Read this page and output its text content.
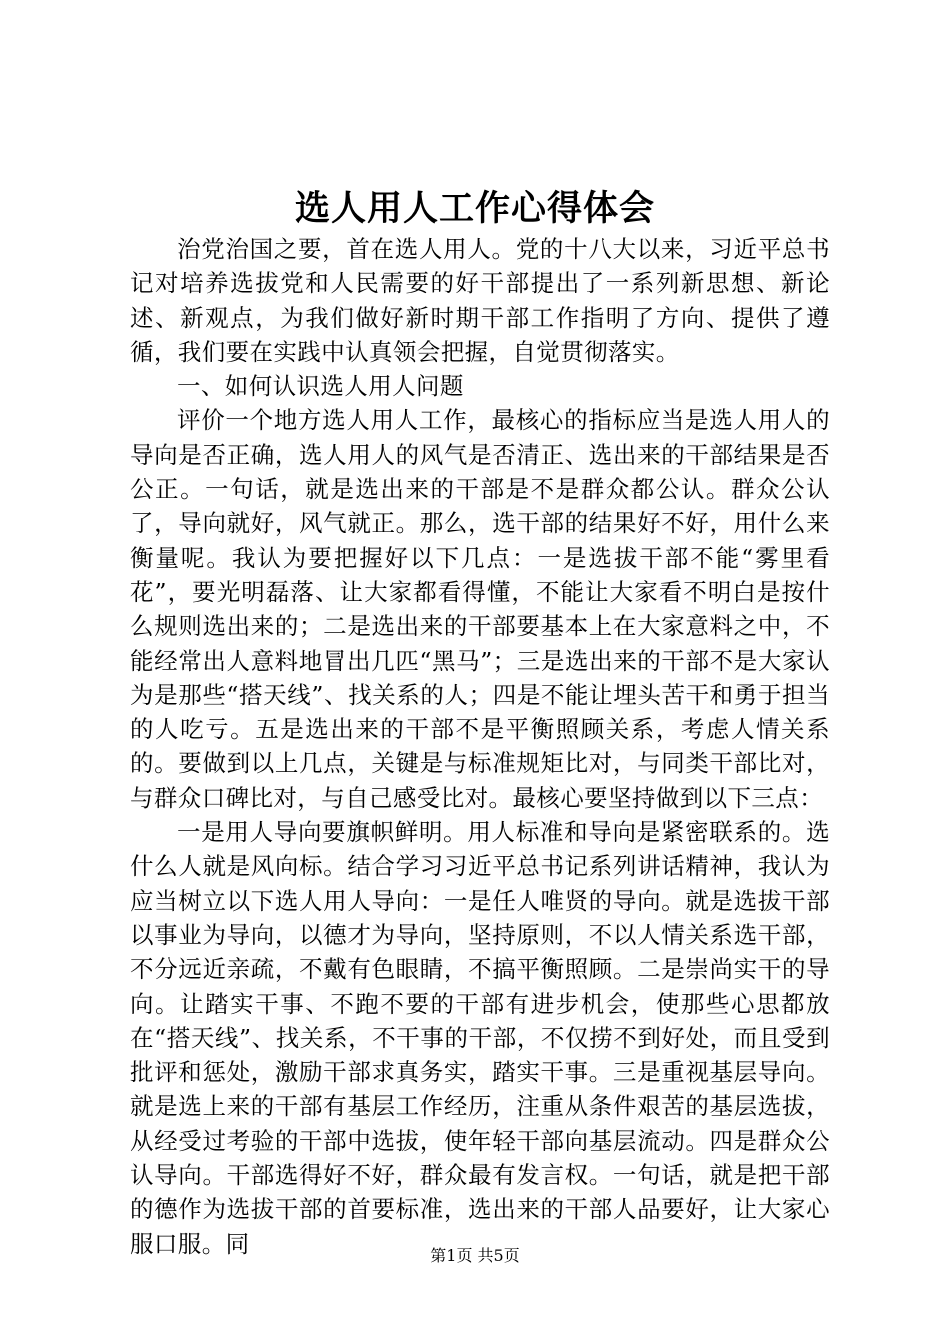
选人用人工作心得体会

治党治国之要，首在选人用人。党的十八大以来，习近平总书记对培养选拔党和人民需要的好干部提出了一系列新思想、新论述、新观点，为我们做好新时期干部工作指明了方向、提供了遵循，我们要在实践中认真领会把握，自觉贯彻落实。

一、如何认识选人用人问题

评价一个地方选人用人工作，最核心的指标应当是选人用人的导向是否正确，选人用人的风气是否清正、选出来的干部结果是否公正。一句话，就是选出来的干部是不是群众都公认。群众公认了，导向就好，风气就正。那么，选干部的结果好不好，用什么来衡量呢。我认为要把握好以下几点：一是选拔干部不能“雾里看花”，要光明磊落、让大家都看得懂，不能让大家看不明白是按什么规则选出来的；二是选出来的干部要基本上在大家意料之中，不能经常出人意料地冒出几匹“黑马”；三是选出来的干部不是大家认为是那些“搭天线”、找关系的人；四是不能让埋头苦干和勇于担当的人吃亏。五是选出来的干部不是平衡照顾关系，考虑人情关系的。要做到以上几点，关键是与标准规矩比对，与同类干部比对，与群众口碑比对，与自己感受比对。最核心要坚持做到以下三点：

一是用人导向要旗帜鲜明。用人标准和导向是紧密联系的。选什么人就是风向标。结合学习习近平总书记系列讲话精神，我认为应当树立以下选人用人导向：一是任人唯贤的导向。就是选拔干部以事业为导向，以德才为导向，坚持原则，不以人情关系选干部，不分远近亲疏，不戴有色眼睛，不搞平衡照顾。二是崇尚实干的导向。让踏实干事、不跑不要的干部有进步机会，使那些心思都放在“搭天线”、找关系，不干事的干部，不仅捞不到好处，而且受到批评和惩处，激励干部求真务实，踏实干事。三是重视基层导向。就是选上来的干部有基层工作经历，注重从条件艰苦的基层选拔，从经受过考验的干部中选拔，使年轻干部向基层流动。四是群众公认导向。干部选得好不好，群众最有发言权。一句话，就是把干部的德作为选拔干部的首要标准，选出来的干部人品要好，让大家心服口服。同	第1页 共5页
